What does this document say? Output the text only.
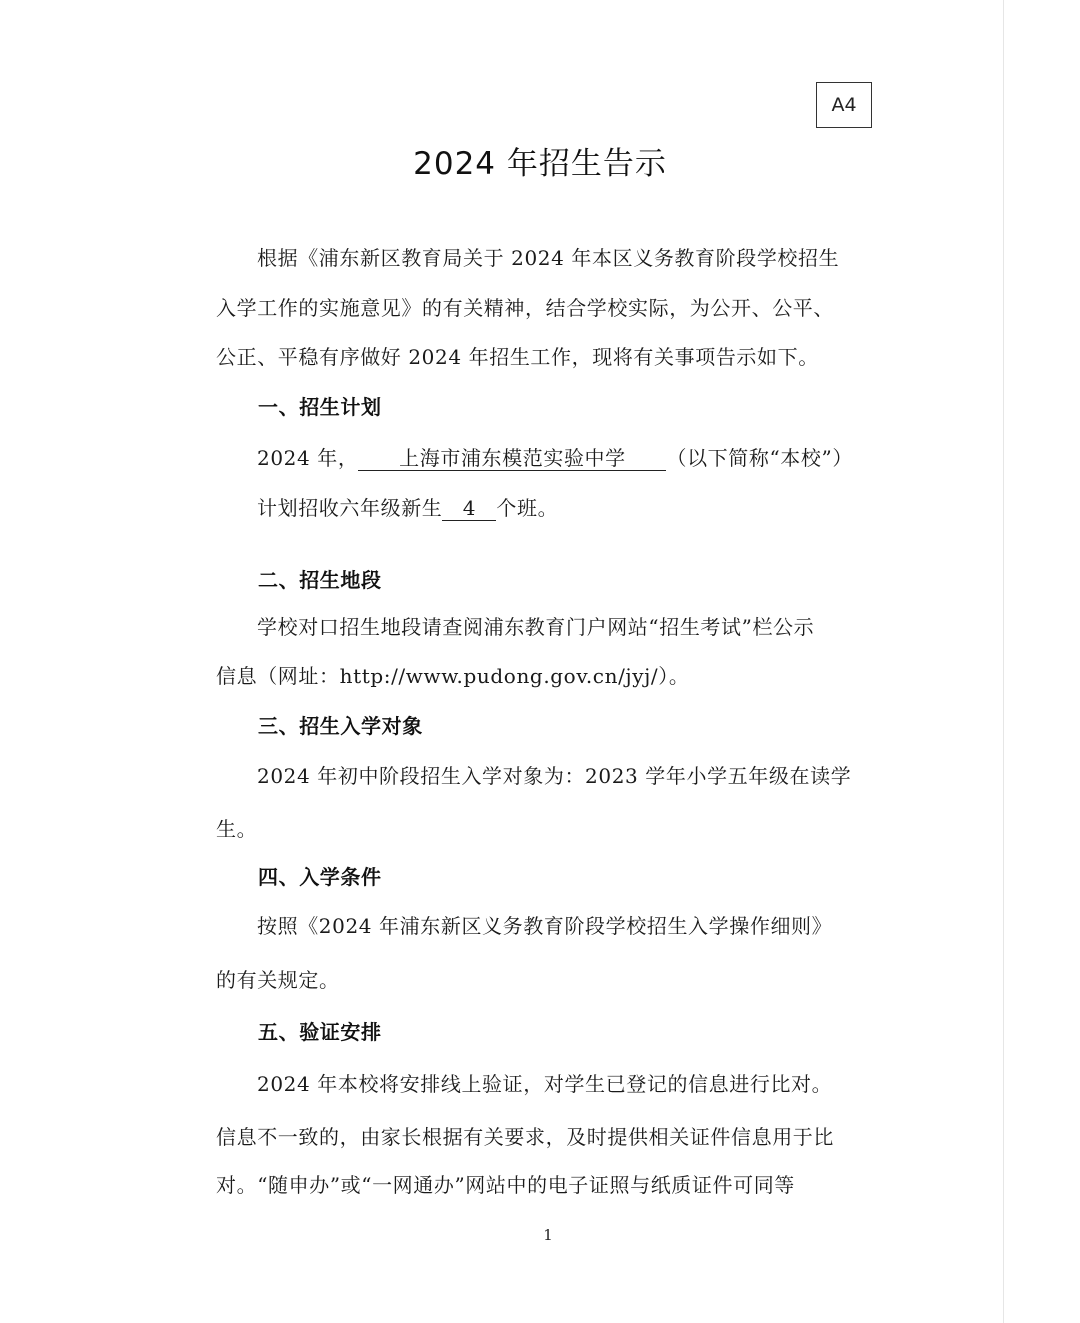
A4
2024 年招生告示
根据《浦东新区教育局关于 2024 年本区义务教育阶段学校招生
入学工作的实施意见》的有关精神，结合学校实际，为公开、公平、
公正、平稳有序做好 2024 年招生工作，现将有关事项告示如下。
一、招生计划
2024 年， 上海市浦东模范实验中学 （以下简称“本校”）
计划招收六年级新生 4 个班。
二、招生地段
学校对口招生地段请查阅浦东教育门户网站“招生考试”栏公示
信息（网址：http://www.pudong.gov.cn/jyj/）。
三、招生入学对象
2024 年初中阶段招生入学对象为：2023 学年小学五年级在读学
生。
四、入学条件
按照《2024 年浦东新区义务教育阶段学校招生入学操作细则》
的有关规定。
五、验证安排
2024 年本校将安排线上验证，对学生已登记的信息进行比对。
信息不一致的，由家长根据有关要求，及时提供相关证件信息用于比
对。“随申办”或“一网通办”网站中的电子证照与纸质证件可同等
1
